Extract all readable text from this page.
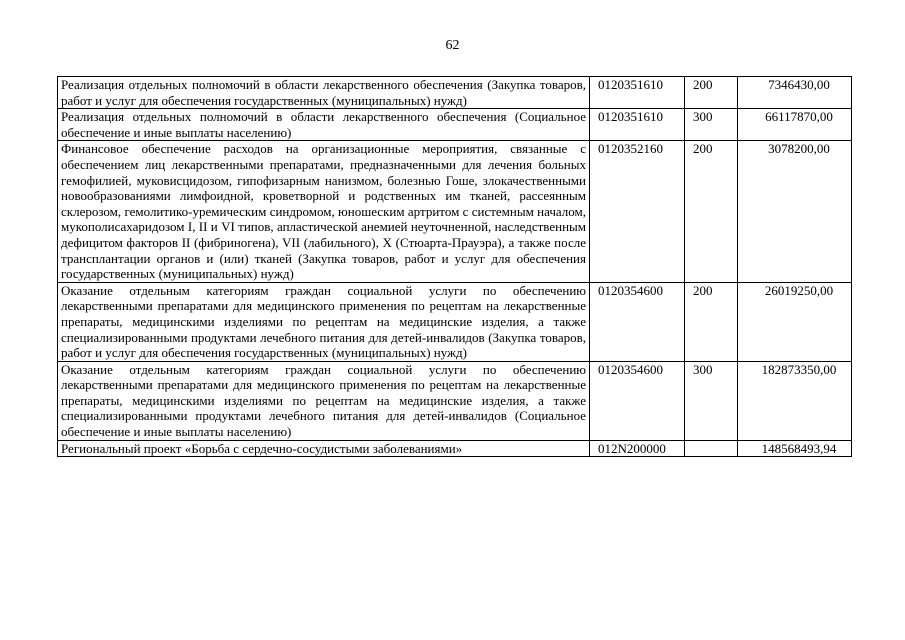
62
Реализация отдельных полномочий в области лекарственного обеспечения (Закупка товаров, работ и услуг для обеспечения государственных (муниципальных) нужд)	0120351610	200	7346430,00
Реализация отдельных полномочий в области лекарственного обеспечения (Социальное обеспечение и иные выплаты населению)	0120351610	300	66117870,00
Финансовое обеспечение расходов на организационные мероприятия, связанные с обеспечением лиц лекарственными препаратами, предназначенными для лечения больных гемофилией, муковисцидозом, гипофизарным нанизмом, болезнью Гоше, злокачественными новообразованиями лимфоидной, кроветворной и родственных им тканей, рассеянным склерозом, гемолитико-уремическим синдромом, юношеским артритом с системным началом, мукополисахаридозом I, II и VI типов, апластической анемией неуточненной, наследственным дефицитом факторов II (фибриногена), VII (лабильного), X (Стюарта-Прауэра), а также после трансплантации органов и (или) тканей (Закупка товаров, работ и услуг для обеспечения государственных (муниципальных) нужд)	0120352160	200	3078200,00
Оказание отдельным категориям граждан социальной услуги по обеспечению лекарственными препаратами для медицинского применения по рецептам на лекарственные препараты, медицинскими изделиями по рецептам на медицинские изделия, а также специализированными продуктами лечебного питания для детей-инвалидов (Закупка товаров, работ и услуг для обеспечения государственных (муниципальных) нужд)	0120354600	200	26019250,00
Оказание отдельным категориям граждан социальной услуги по обеспечению лекарственными препаратами для медицинского применения по рецептам на лекарственные препараты, медицинскими изделиями по рецептам на медицинские изделия, а также специализированными продуктами лечебного питания для детей-инвалидов (Социальное обеспечение и иные выплаты населению)	0120354600	300	182873350,00
Региональный проект «Борьба с сердечно-сосудистыми заболеваниями»	012N200000		148568493,94
